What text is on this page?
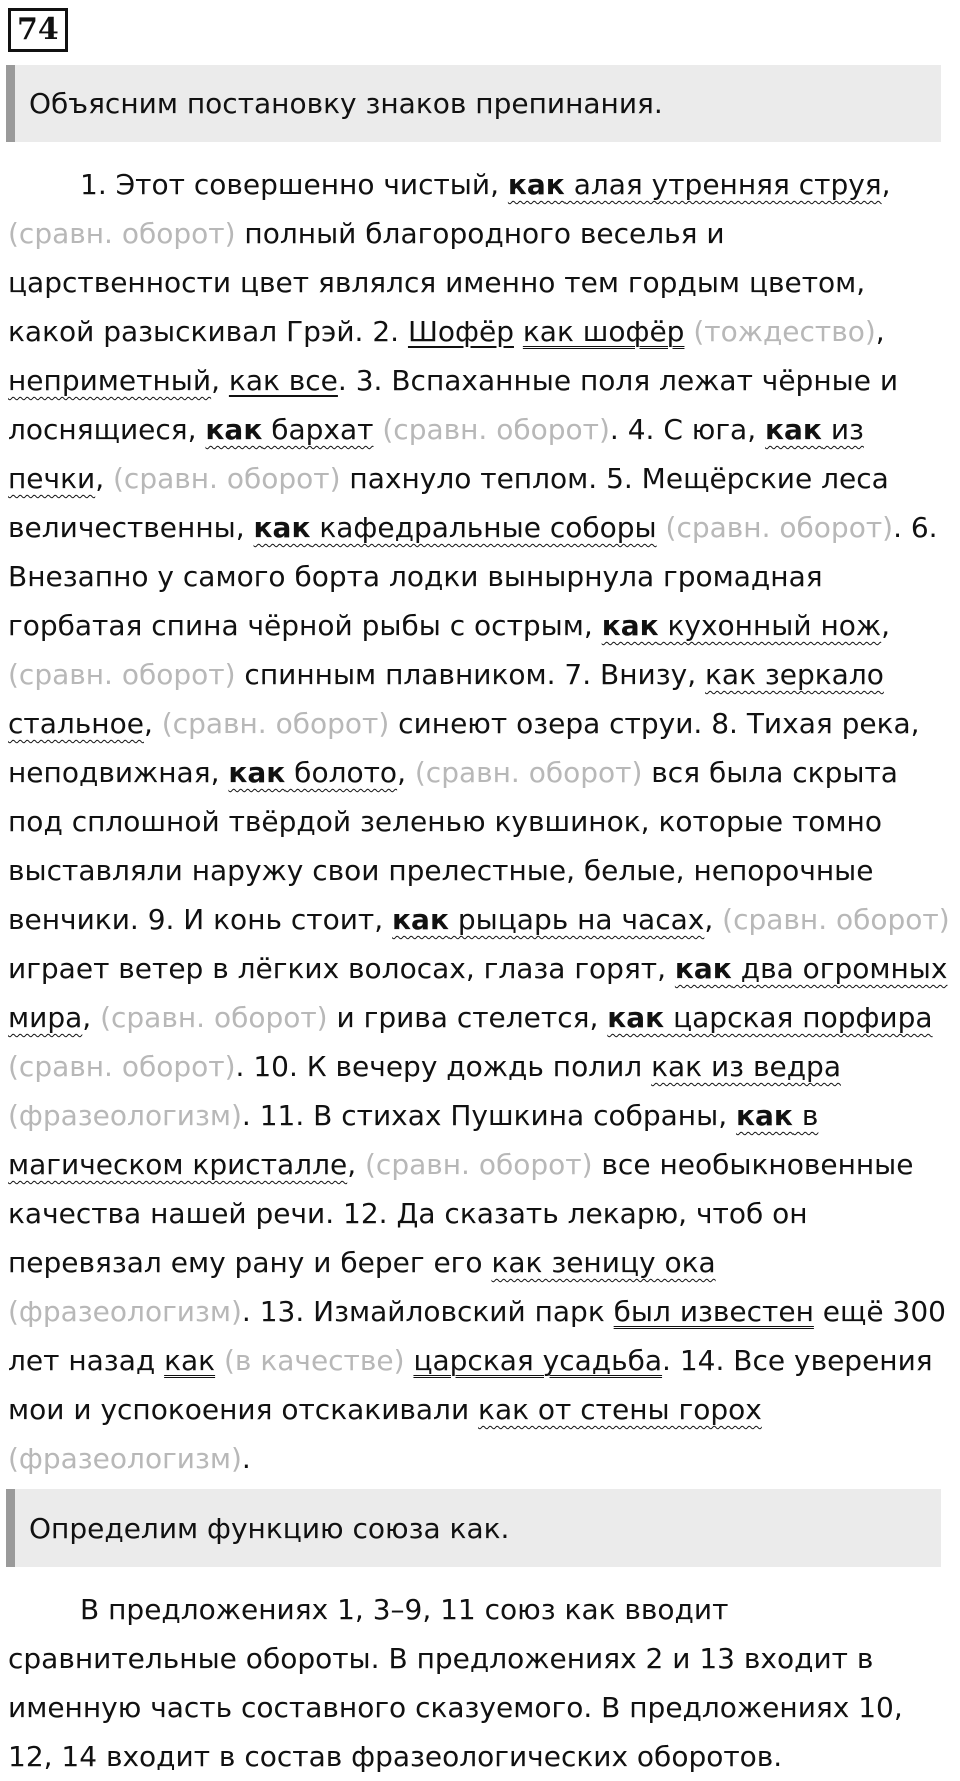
74
Объясним постановку знаков препинания.

1. Этот совершенно чистый, как алая утренняя струя, (сравн. оборот) полный благородного веселья и царственности цвет являлся именно тем гордым цветом, какой разыскивал Грэй. 2. Шофёр как шофёр (тождество), неприметный, как все. 3. Вспаханные поля лежат чёрные и лоснящиеся, как бархат (сравн. оборот). 4. С юга, как из печки, (сравн. оборот) пахнуло теплом. 5. Мещёрские леса величественны, как кафедральные соборы (сравн. оборот). 6. Внезапно у самого борта лодки вынырнула громадная горбатая спина чёрной рыбы с острым, как кухонный нож, (сравн. оборот) спинным плавником. 7. Внизу, как зеркало стальное, (сравн. оборот) синеют озера струи. 8. Тихая река, неподвижная, как болото, (сравн. оборот) вся была скрыта под сплошной твёрдой зеленью кувшинок, которые томно выставляли наружу свои прелестные, белые, непорочные венчики. 9. И конь стоит, как рыцарь на часах, (сравн. оборот) играет ветер в лёгких волосах, глаза горят, как два огромных мира, (сравн. оборот) и грива стелется, как царская порфира (сравн. оборот). 10. К вечеру дождь полил как из ведра (фразеологизм). 11. В стихах Пушкина собраны, как в магическом кристалле, (сравн. оборот) все необыкновенные качества нашей речи. 12. Да сказать лекарю, чтоб он перевязал ему рану и берег его как зеницу ока (фразеологизм). 13. Измайловский парк был известен ещё 300 лет назад как (в качестве) царская усадьба. 14. Все уверения мои и успокоения отскакивали как от стены горох (фразеологизм).

Определим функцию союза как.

В предложениях 1, 3–9, 11 союз как вводит сравнительные обороты. В предложениях 2 и 13 входит в именную часть составного сказуемого. В предложениях 10, 12, 14 входит в состав фразеологических оборотов.
